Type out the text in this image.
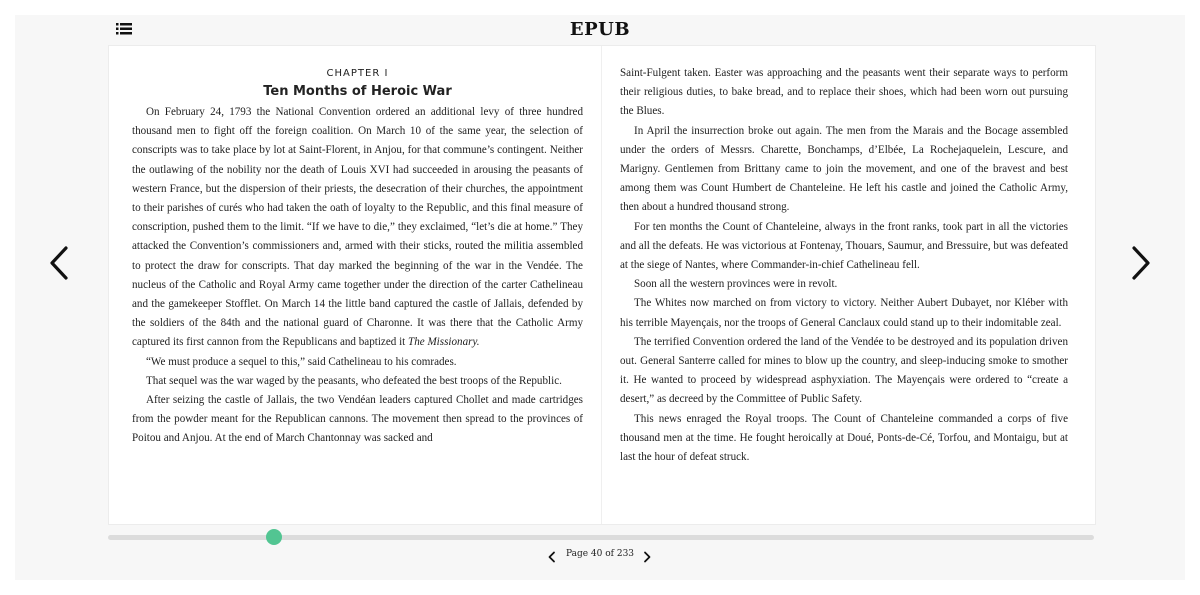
EPUB
CHAPTER I
Ten Months of Heroic War

On February 24, 1793 the National Convention ordered an additional levy of three hundred thousand men to fight off the foreign coalition. On March 10 of the same year, the selection of conscripts was to take place by lot at Saint-Florent, in Anjou, for that commune’s contingent. Neither the outlawing of the nobility nor the death of Louis XVI had succeeded in arousing the peasants of western France, but the dispersion of their priests, the desecration of their churches, the appointment to their parishes of curés who had taken the oath of loyalty to the Republic, and this final measure of conscription, pushed them to the limit. “If we have to die,” they exclaimed, “let’s die at home.” They attacked the Convention’s commissioners and, armed with their sticks, routed the militia assembled to protect the draw for conscripts. That day marked the beginning of the war in the Vendée. The nucleus of the Catholic and Royal Army came together under the direction of the carter Cathelineau and the gamekeeper Stofflet. On March 14 the little band captured the castle of Jallais, defended by the soldiers of the 84th and the national guard of Charonne. It was there that the Catholic Army captured its first cannon from the Republicans and baptized it The Missionary.

“We must produce a sequel to this,” said Cathelineau to his comrades.

That sequel was the war waged by the peasants, who defeated the best troops of the Republic.

After seizing the castle of Jallais, the two Vendéan leaders captured Chollet and made cartridges from the powder meant for the Republican cannons. The movement then spread to the provinces of Poitou and Anjou. At the end of March Chantonnay was sacked and

Saint-Fulgent taken. Easter was approaching and the peasants went their separate ways to perform their religious duties, to bake bread, and to replace their shoes, which had been worn out pursuing the Blues.

In April the insurrection broke out again. The men from the Marais and the Bocage assembled under the orders of Messrs. Charette, Bonchamps, d’Elbée, La Rochejaquelein, Lescure, and Marigny. Gentlemen from Brittany came to join the movement, and one of the bravest and best among them was Count Humbert de Chanteleine. He left his castle and joined the Catholic Army, then about a hundred thousand strong.

For ten months the Count of Chanteleine, always in the front ranks, took part in all the victories and all the defeats. He was victorious at Fontenay, Thouars, Saumur, and Bressuire, but was defeated at the siege of Nantes, where Commander-in-chief Cathelineau fell.

Soon all the western provinces were in revolt.

The Whites now marched on from victory to victory. Neither Aubert Dubayet, nor Kléber with his terrible Mayençais, nor the troops of General Canclaux could stand up to their indomitable zeal.

The terrified Convention ordered the land of the Vendée to be destroyed and its population driven out. General Santerre called for mines to blow up the country, and sleep-inducing smoke to smother it. He wanted to proceed by widespread asphyxiation. The Mayençais were ordered to “create a desert,” as decreed by the Committee of Public Safety.

This news enraged the Royal troops. The Count of Chanteleine commanded a corps of five thousand men at the time. He fought heroically at Doué, Ponts-de-Cé, Torfou, and Montaigu, but at last the hour of defeat struck.

Page 40 of 233
